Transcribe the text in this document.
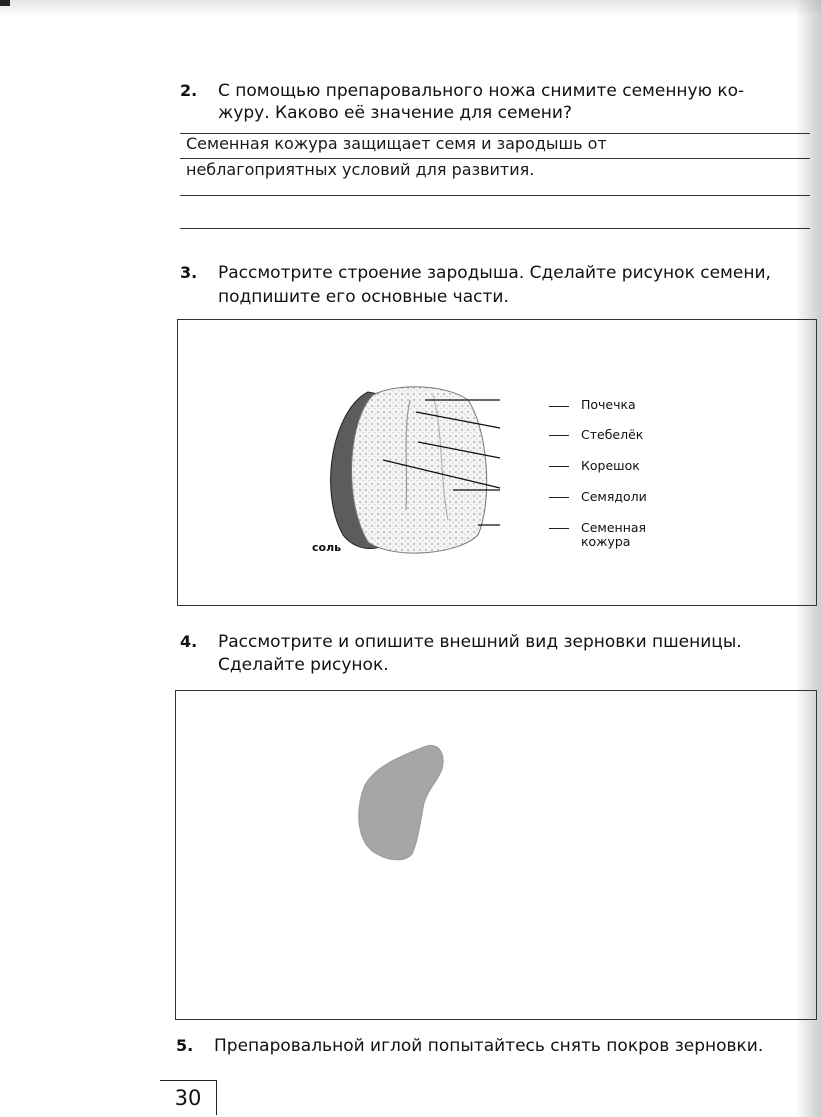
2. С помощью препаровального ножа снимите семенную ко-
журу. Каково её значение для семени?
Семенная кожура защищает семя и зародышь от
неблагоприятных условий для развития.
3. Рассмотрите строение зародыша. Сделайте рисунок семени,
подпишите его основные части.
соль
Почечка
Стебелёк
Корешок
Семядоли
Семенная
кожура
4. Рассмотрите и опишите внешний вид зерновки пшеницы.
Сделайте рисунок.
5. Препаровальной иглой попытайтесь снять покров зерновки.
30
